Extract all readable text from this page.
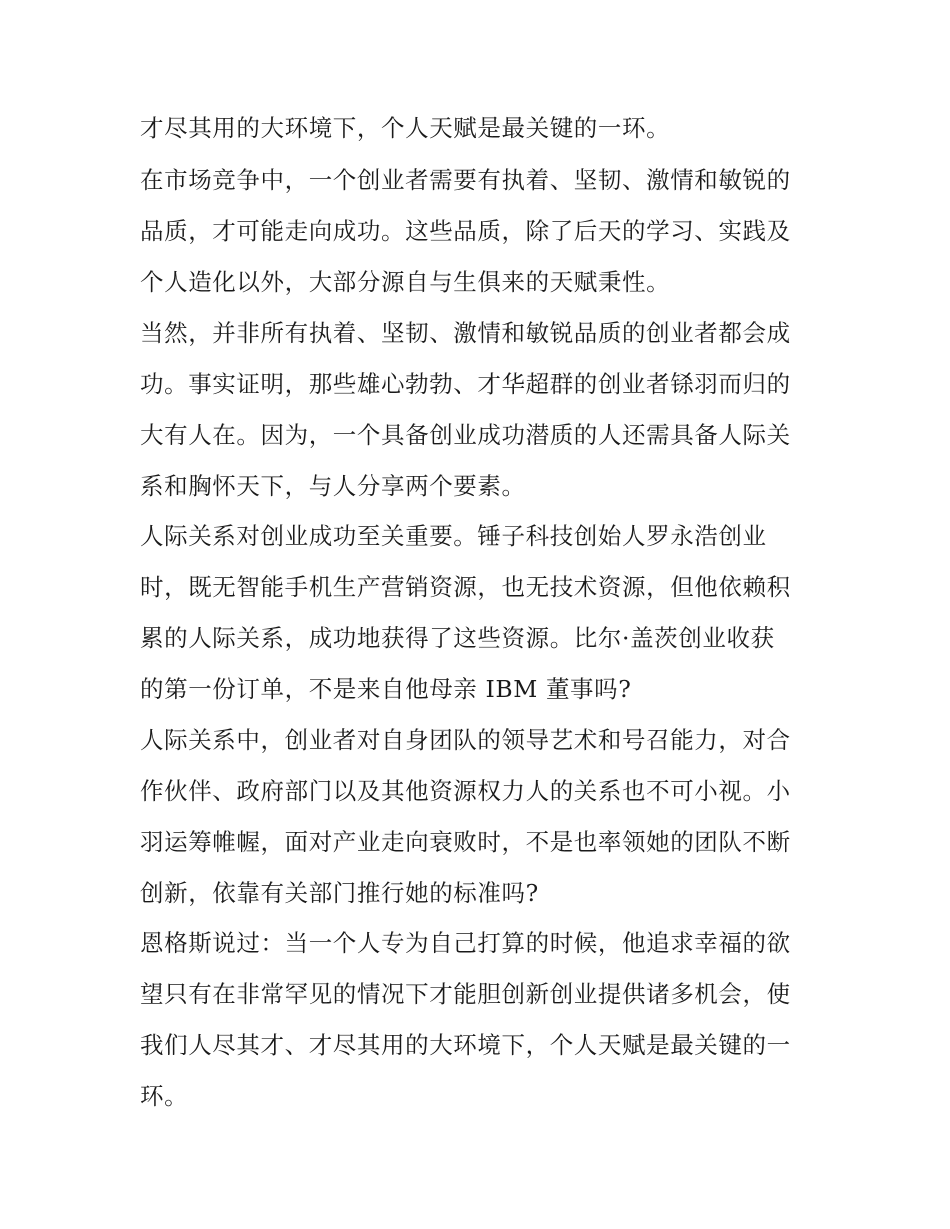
才尽其用的大环境下，个人天赋是最关键的一环。
在市场竞争中，一个创业者需要有执着、坚韧、激情和敏锐的
品质，才可能走向成功。这些品质，除了后天的学习、实践及
个人造化以外，大部分源自与生俱来的天赋秉性。
当然，并非所有执着、坚韧、激情和敏锐品质的创业者都会成
功。事实证明，那些雄心勃勃、才华超群的创业者铩羽而归的
大有人在。因为，一个具备创业成功潜质的人还需具备人际关
系和胸怀天下，与人分享两个要素。
人际关系对创业成功至关重要。锤子科技创始人罗永浩创业
时，既无智能手机生产营销资源，也无技术资源，但他依赖积
累的人际关系，成功地获得了这些资源。比尔·盖茨创业收获
的第一份订单，不是来自他母亲 IBM 董事吗?
人际关系中，创业者对自身团队的领导艺术和号召能力，对合
作伙伴、政府部门以及其他资源权力人的关系也不可小视。小
羽运筹帷幄，面对产业走向衰败时，不是也率领她的团队不断
创新，依靠有关部门推行她的标准吗?
恩格斯说过：当一个人专为自己打算的时候，他追求幸福的欲
望只有在非常罕见的情况下才能胆创新创业提供诸多机会，使
我们人尽其才、才尽其用的大环境下，个人天赋是最关键的一
环。
